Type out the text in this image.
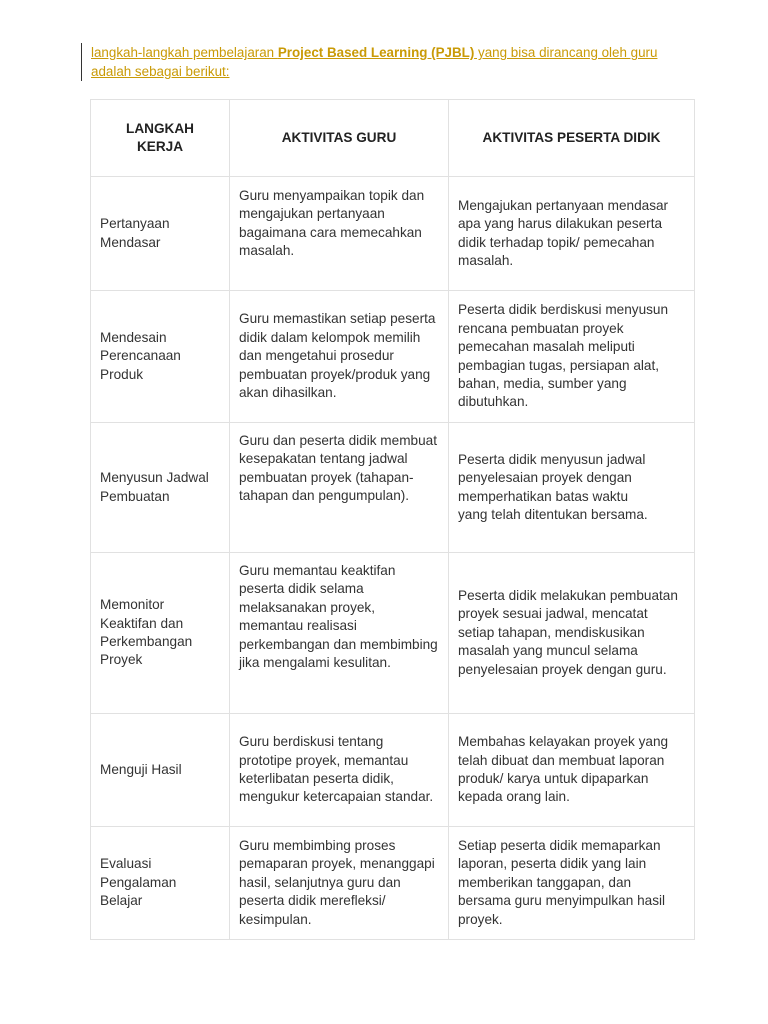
langkah-langkah pembelajaran Project Based Learning (PJBL) yang bisa dirancang oleh guru adalah sebagai berikut:
LANGKAH KERJA	AKTIVITAS GURU	AKTIVITAS PESERTA DIDIK
Pertanyaan Mendasar	Guru menyampaikan topik dan mengajukan pertanyaan bagaimana cara memecahkan masalah.	Mengajukan pertanyaan mendasar apa yang harus dilakukan peserta didik terhadap topik/ pemecahan masalah.
Mendesain Perencanaan Produk	Guru memastikan setiap peserta didik dalam kelompok memilih dan mengetahui prosedur pembuatan proyek/produk yang akan dihasilkan.	Peserta didik berdiskusi menyusun rencana pembuatan proyek pemecahan masalah meliputi pembagian tugas, persiapan alat, bahan, media, sumber yang dibutuhkan.
Menyusun Jadwal Pembuatan	Guru dan peserta didik membuat kesepakatan tentang jadwal pembuatan proyek (tahapan-tahapan dan pengumpulan).	Peserta didik menyusun jadwal penyelesaian proyek dengan memperhatikan batas waktu
yang telah ditentukan bersama.
Memonitor Keaktifan dan Perkembangan Proyek	Guru memantau keaktifan peserta didik selama melaksanakan proyek, memantau realisasi perkembangan dan membimbing jika mengalami kesulitan.	Peserta didik melakukan pembuatan proyek sesuai jadwal, mencatat setiap tahapan, mendiskusikan masalah yang muncul selama
penyelesaian proyek dengan guru.
Menguji Hasil	Guru berdiskusi tentang prototipe proyek, memantau keterlibatan peserta didik, mengukur ketercapaian standar.	Membahas kelayakan proyek yang telah dibuat dan membuat laporan produk/ karya untuk dipaparkan kepada orang lain.
Evaluasi Pengalaman Belajar	Guru membimbing proses pemaparan proyek, menanggapi hasil, selanjutnya guru dan peserta didik merefleksi/ kesimpulan.	Setiap peserta didik memaparkan laporan, peserta didik yang lain memberikan tanggapan, dan bersama guru menyimpulkan hasil proyek.
